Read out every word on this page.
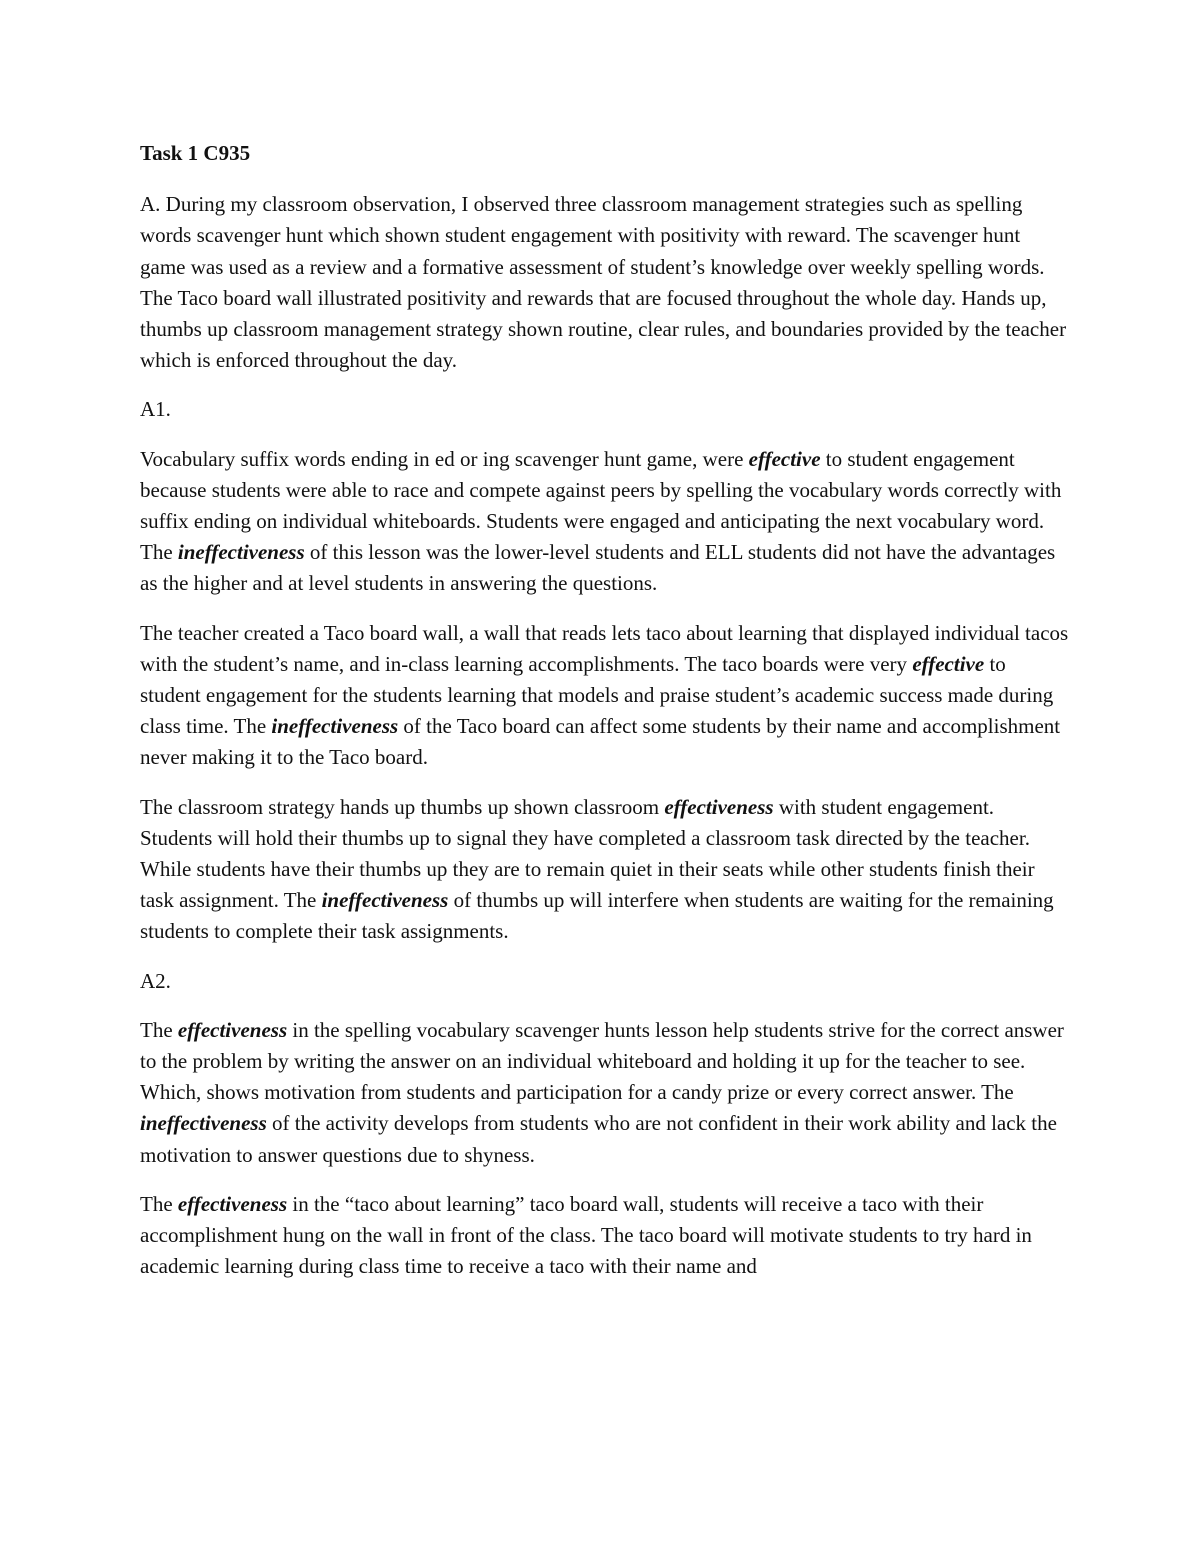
Task 1 C935

A. During my classroom observation, I observed three classroom management strategies such as spelling words scavenger hunt which shown student engagement with positivity with reward. The scavenger hunt game was used as a review and a formative assessment of student’s knowledge over weekly spelling words. The Taco board wall illustrated positivity and rewards that are focused throughout the whole day. Hands up, thumbs up classroom management strategy shown routine, clear rules, and boundaries provided by the teacher which is enforced throughout the day.

A1.

Vocabulary suffix words ending in ed or ing scavenger hunt game, were effective to student engagement because students were able to race and compete against peers by spelling the vocabulary words correctly with suffix ending on individual whiteboards. Students were engaged and anticipating the next vocabulary word. The ineffectiveness of this lesson was the lower-level students and ELL students did not have the advantages as the higher and at level students in answering the questions.

The teacher created a Taco board wall, a wall that reads lets taco about learning that displayed individual tacos with the student’s name, and in-class learning accomplishments. The taco boards were very effective to student engagement for the students learning that models and praise student’s academic success made during class time. The ineffectiveness of the Taco board can affect some students by their name and accomplishment never making it to the Taco board.

The classroom strategy hands up thumbs up shown classroom effectiveness with student engagement. Students will hold their thumbs up to signal they have completed a classroom task directed by the teacher. While students have their thumbs up they are to remain quiet in their seats while other students finish their task assignment. The ineffectiveness of thumbs up will interfere when students are waiting for the remaining students to complete their task assignments.

A2.

The effectiveness in the spelling vocabulary scavenger hunts lesson help students strive for the correct answer to the problem by writing the answer on an individual whiteboard and holding it up for the teacher to see. Which, shows motivation from students and participation for a candy prize or every correct answer. The ineffectiveness of the activity develops from students who are not confident in their work ability and lack the motivation to answer questions due to shyness.

The effectiveness in the “taco about learning” taco board wall, students will receive a taco with their accomplishment hung on the wall in front of the class. The taco board will motivate students to try hard in academic learning during class time to receive a taco with their name and
